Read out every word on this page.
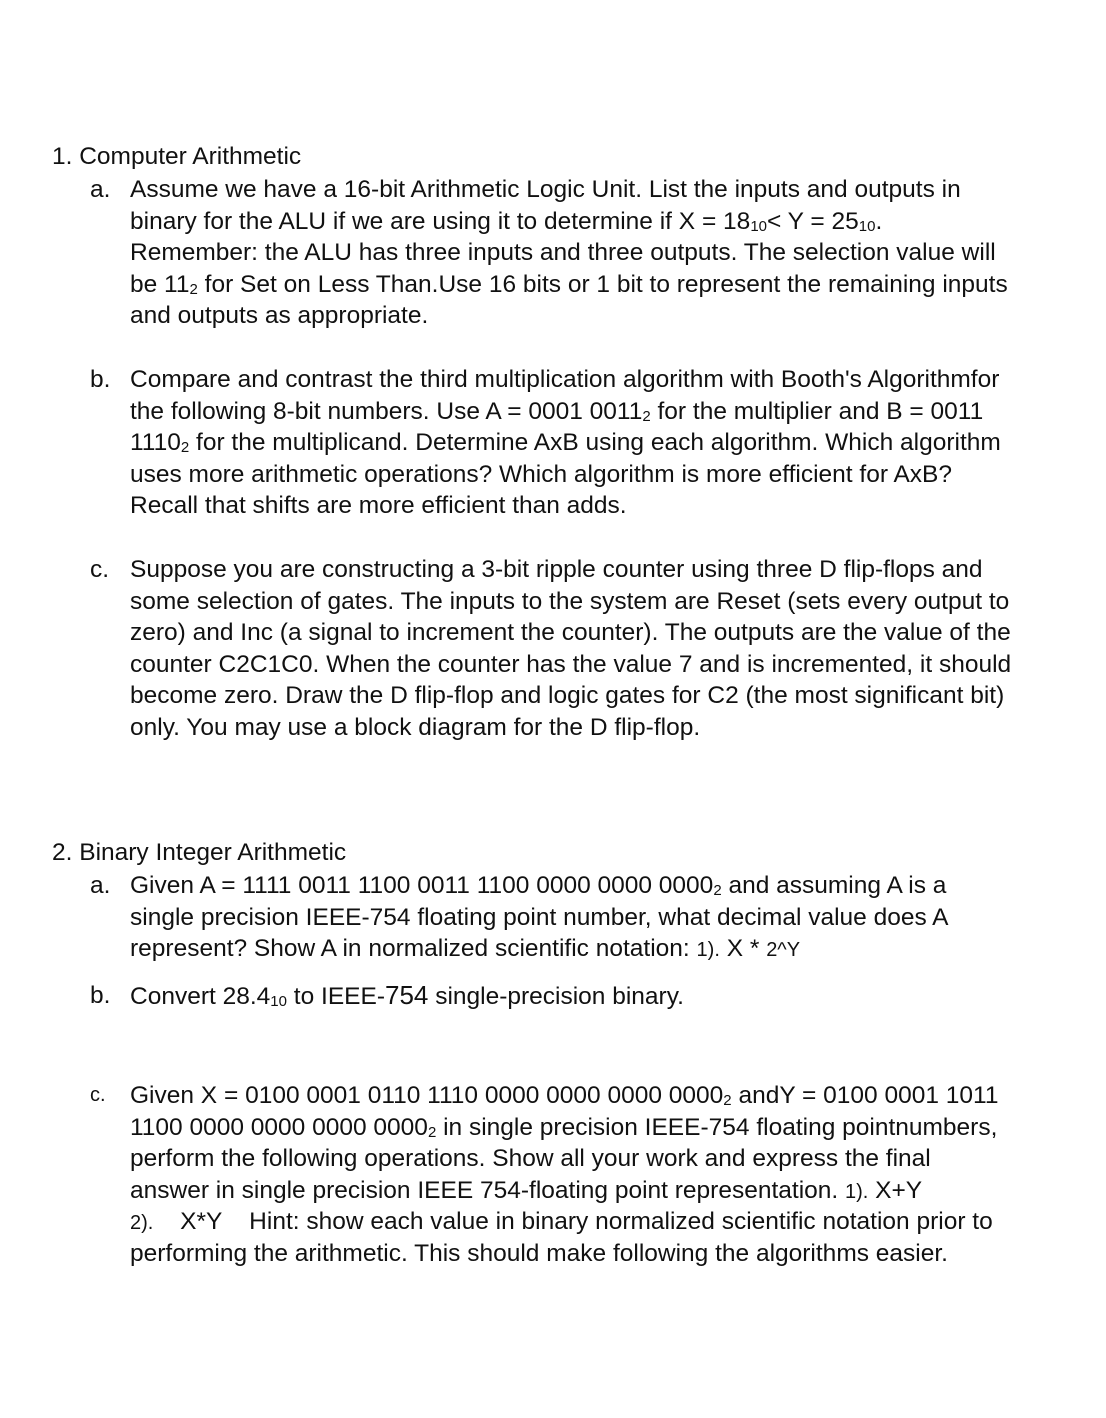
1. Computer Arithmetic
a. Assume we have a 16-bit Arithmetic Logic Unit. List the inputs and outputs in
binary for the ALU if we are using it to determine if X = 1810< Y = 2510.
Remember: the ALU has three inputs and three outputs. The selection value will
be 112 for Set on Less Than.Use 16 bits or 1 bit to represent the remaining inputs
and outputs as appropriate.
b. Compare and contrast the third multiplication algorithm with Booth's Algorithmfor
the following 8-bit numbers. Use A = 0001 00112 for the multiplier and B = 0011
11102 for the multiplicand. Determine AxB using each algorithm. Which algorithm
uses more arithmetic operations? Which algorithm is more efficient for AxB?
Recall that shifts are more efficient than adds.
c. Suppose you are constructing a 3-bit ripple counter using three D flip-flops and
some selection of gates. The inputs to the system are Reset (sets every output to
zero) and Inc (a signal to increment the counter). The outputs are the value of the
counter C2C1C0. When the counter has the value 7 and is incremented, it should
become zero. Draw the D flip-flop and logic gates for C2 (the most significant bit)
only. You may use a block diagram for the D flip-flop.
2. Binary Integer Arithmetic
a. Given A = 1111 0011 1100 0011 1100 0000 0000 00002 and assuming A is a
single precision IEEE-754 floating point number, what decimal value does A
represent? Show A in normalized scientific notation: 1). X * 2^Y
b. Convert 28.410 to IEEE-754 single-precision binary.
c. Given X = 0100 0001 0110 1110 0000 0000 0000 00002 andY = 0100 0001 1011
1100 0000 0000 0000 00002 in single precision IEEE-754 floating pointnumbers,
perform the following operations. Show all your work and express the final
answer in single precision IEEE 754-floating point representation. 1). X+Y
2). X*Y Hint: show each value in binary normalized scientific notation prior to
performing the arithmetic. This should make following the algorithms easier.
